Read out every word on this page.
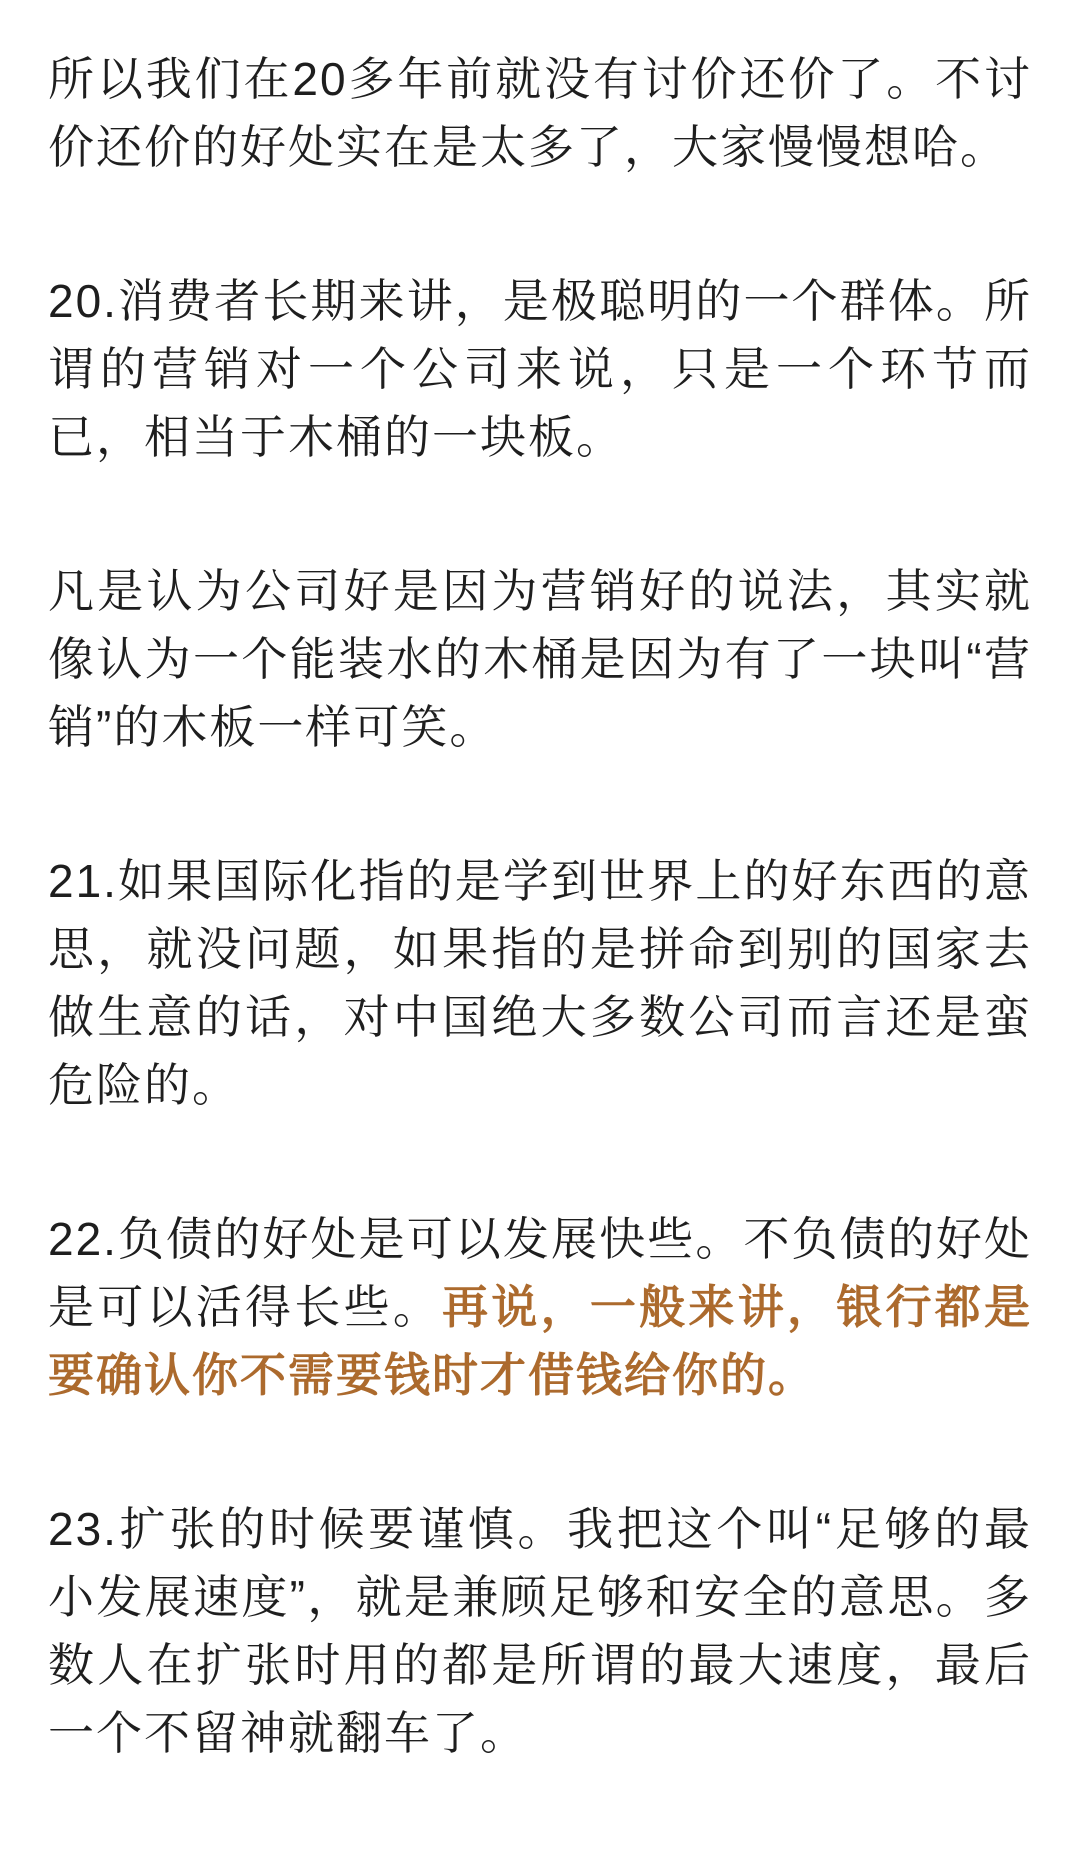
所以我们在20多年前就没有讨价还价了。不讨价还价的好处实在是太多了，大家慢慢想哈。

20.消费者长期来讲，是极聪明的一个群体。所谓的营销对一个公司来说，只是一个环节而已，相当于木桶的一块板。

凡是认为公司好是因为营销好的说法，其实就像认为一个能装水的木桶是因为有了一块叫“营销”的木板一样可笑。

21.如果国际化指的是学到世界上的好东西的意思，就没问题，如果指的是拼命到别的国家去做生意的话，对中国绝大多数公司而言还是蛮危险的。

22.负债的好处是可以发展快些。不负债的好处是可以活得长些。再说，一般来讲，银行都是要确认你不需要钱时才借钱给你的。

23.扩张的时候要谨慎。我把这个叫“足够的最小发展速度”，就是兼顾足够和安全的意思。多数人在扩张时用的都是所谓的最大速度，最后一个不留神就翻车了。
